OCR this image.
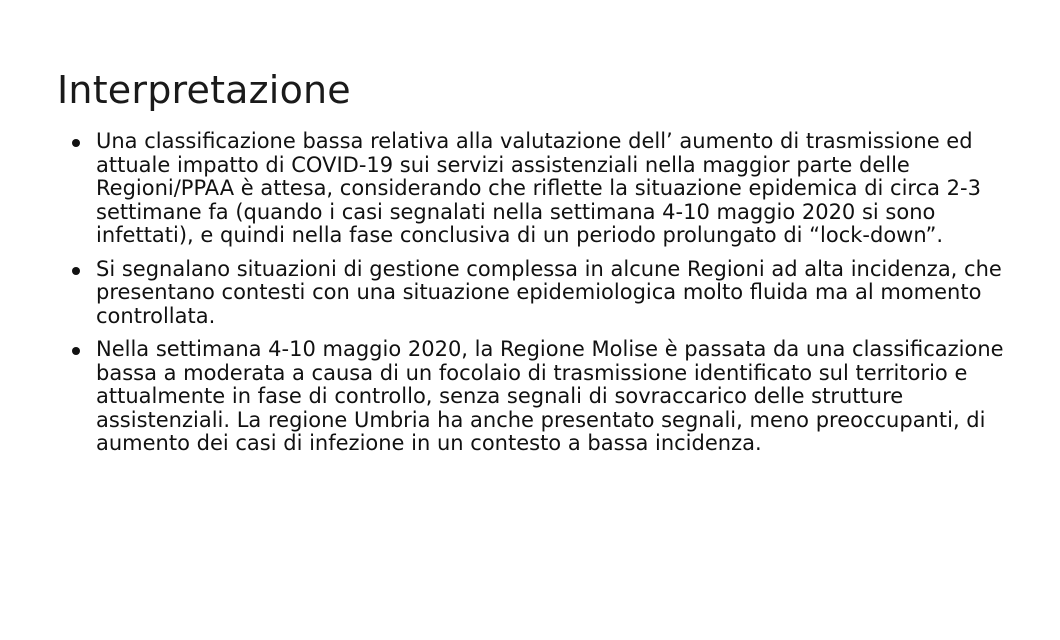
Interpretazione
Una classificazione bassa relativa alla valutazione dell’ aumento di trasmissione ed attuale impatto di COVID-19 sui servizi assistenziali nella maggior parte delle Regioni/PPAA è attesa, considerando che riflette la situazione epidemica di circa 2-3 settimane fa (quando i casi segnalati nella settimana 4-10 maggio 2020 si sono infettati), e quindi nella fase conclusiva di un periodo prolungato di “lock-down”.
Si segnalano situazioni di gestione complessa in alcune Regioni ad alta incidenza, che presentano contesti con una situazione epidemiologica molto fluida ma al momento controllata.
Nella settimana 4-10 maggio 2020, la Regione Molise è passata da una classificazione bassa a moderata a causa di un focolaio di trasmissione identificato sul territorio e attualmente in fase di controllo, senza segnali di sovraccarico delle strutture assistenziali. La regione Umbria ha anche presentato segnali, meno preoccupanti, di aumento dei casi di infezione in un contesto a bassa incidenza.
